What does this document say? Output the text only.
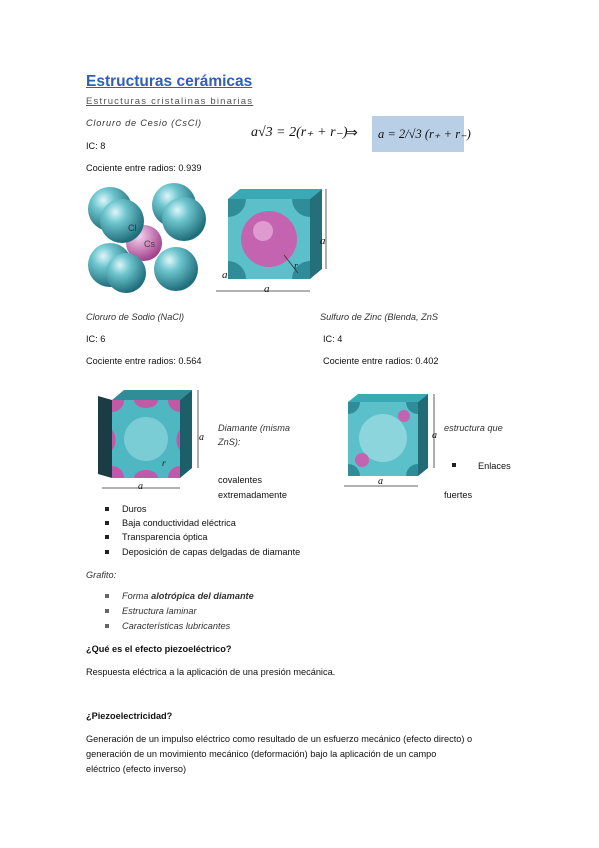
Estructuras cerámicas
Estructuras cristalinas binarias
Cloruro de Cesio (CsCl)
IC: 8
Cociente entre radios: 0.939
a√3 = 2(r₊ + r₋)
⇒ a = 2/√3 (r₊ + r₋)
Cl
Cs	a
a
a
r
Cloruro de Sodio (NaCl)	Sulfuro de Zinc (Blenda, ZnS
IC: 6	IC: 4
Cociente entre radios: 0.564	Cociente entre radios: 0.402
a
a
r
a
a
Diamante (misma
ZnS):
estructura que
Enlaces
covalentes
extremadamente	fuertes
Duros
Baja conductividad eléctrica
Transparencia óptica
Deposición de capas delgadas de diamante
Grafito:
Forma alotrópica del diamante
Estructura laminar
Características lubricantes
¿Qué es el efecto piezoeléctrico?
Respuesta eléctrica a la aplicación de una presión mecánica.
¿Piezoelectricidad?
Generación de un impulso eléctrico como resultado de un esfuerzo mecánico (efecto directo) o
generación de un movimiento mecánico (deformación) bajo la aplicación de un campo
eléctrico (efecto inverso)
